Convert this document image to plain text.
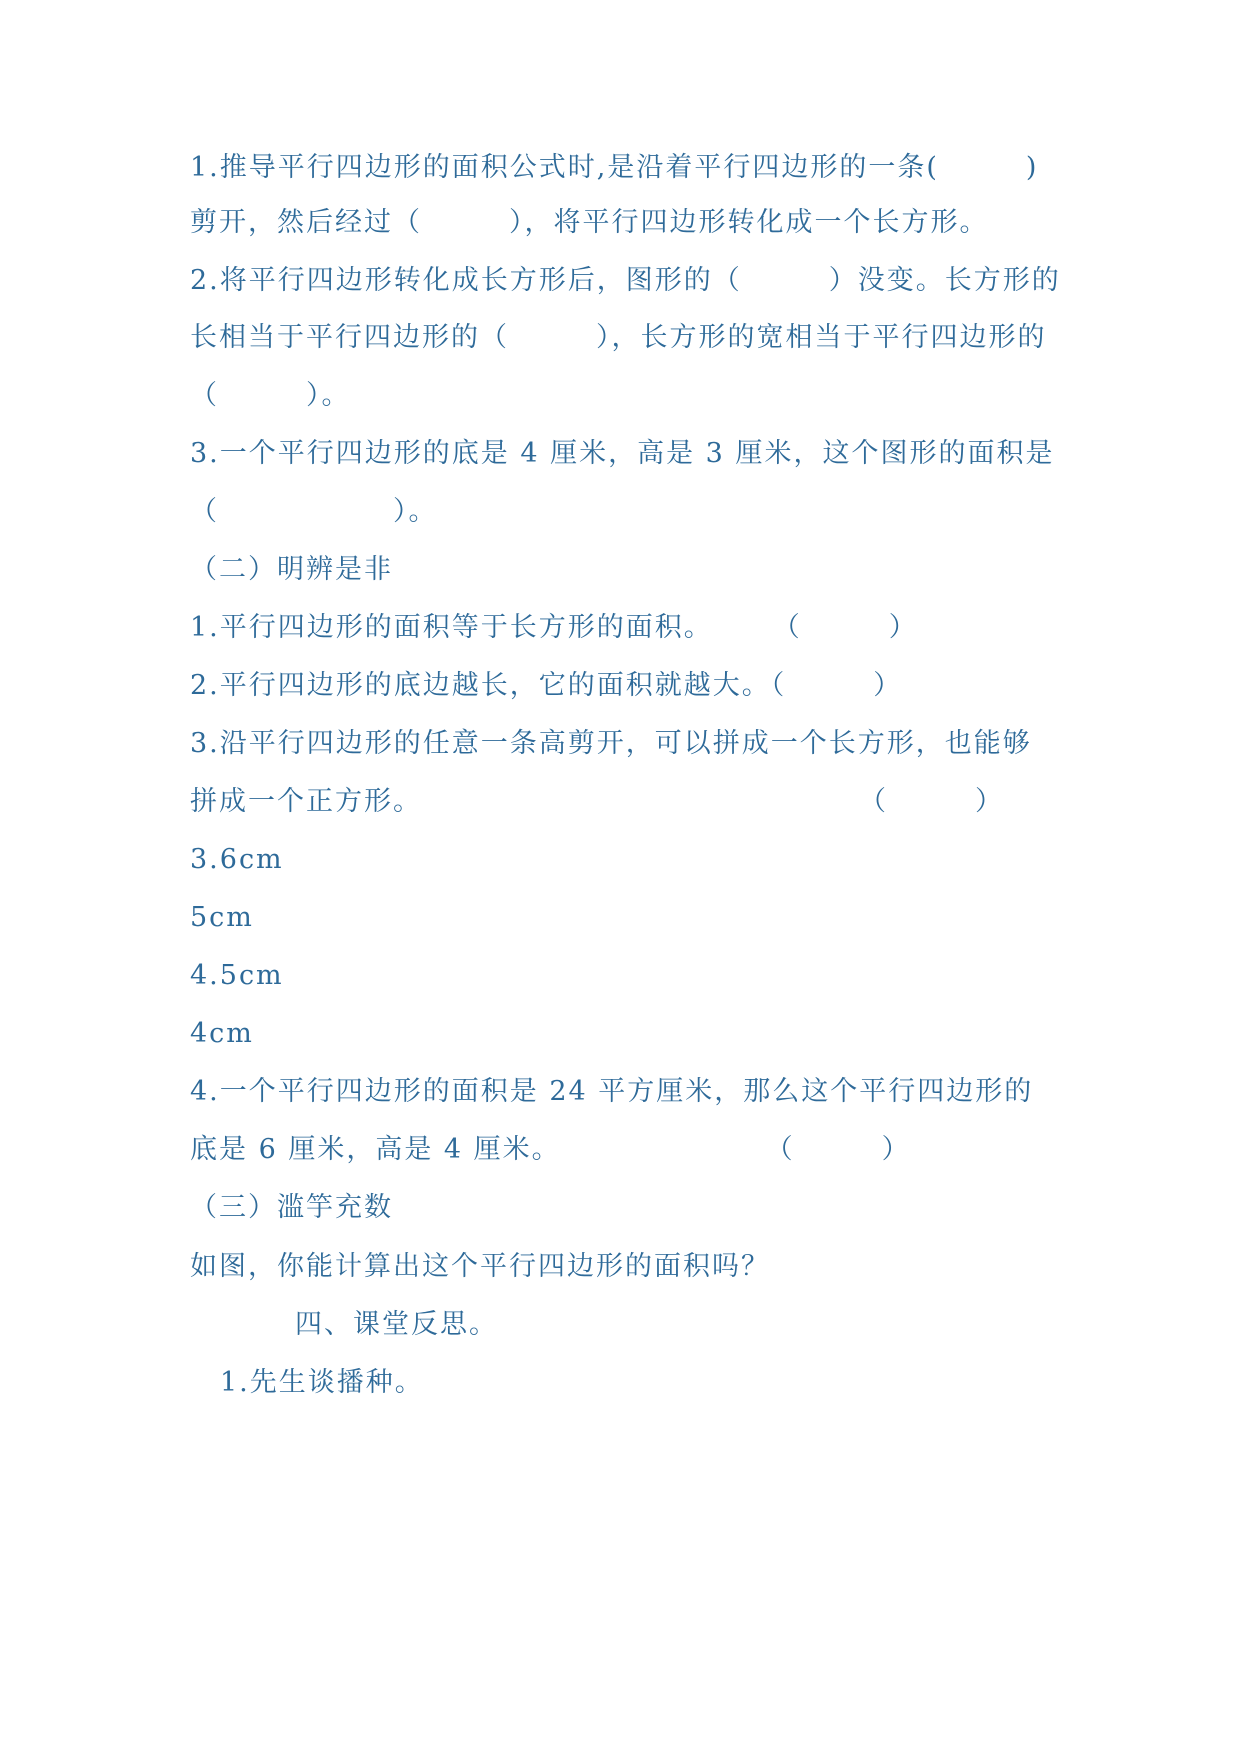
1.推导平行四边形的面积公式时,是沿着平行四边形的一条(　　　)
剪开，然后经过（　　　），将平行四边形转化成一个长方形。
2.将平行四边形转化成长方形后，图形的（　　　）没变。长方形的
长相当于平行四边形的（　　　），长方形的宽相当于平行四边形的
（　　　）。
3.一个平行四边形的底是 4 厘米，高是 3 厘米，这个图形的面积是
（　　　　　　）。
（二）明辨是非
1.平行四边形的面积等于长方形的面积。　　　（　　　）
2.平行四边形的底边越长，它的面积就越大。（　　　）
3.沿平行四边形的任意一条高剪开，可以拼成一个长方形，也能够
拼成一个正方形。　　　　　　　　　　　　　　　　（　　　）
3.6cm
5cm
4.5cm
4cm
4.一个平行四边形的面积是 24 平方厘米，那么这个平行四边形的
底是 6 厘米，高是 4 厘米。　　　　　　　　（　　　）
（三）滥竽充数
如图，你能计算出这个平行四边形的面积吗？
四、课堂反思。
1.先生谈播种。
